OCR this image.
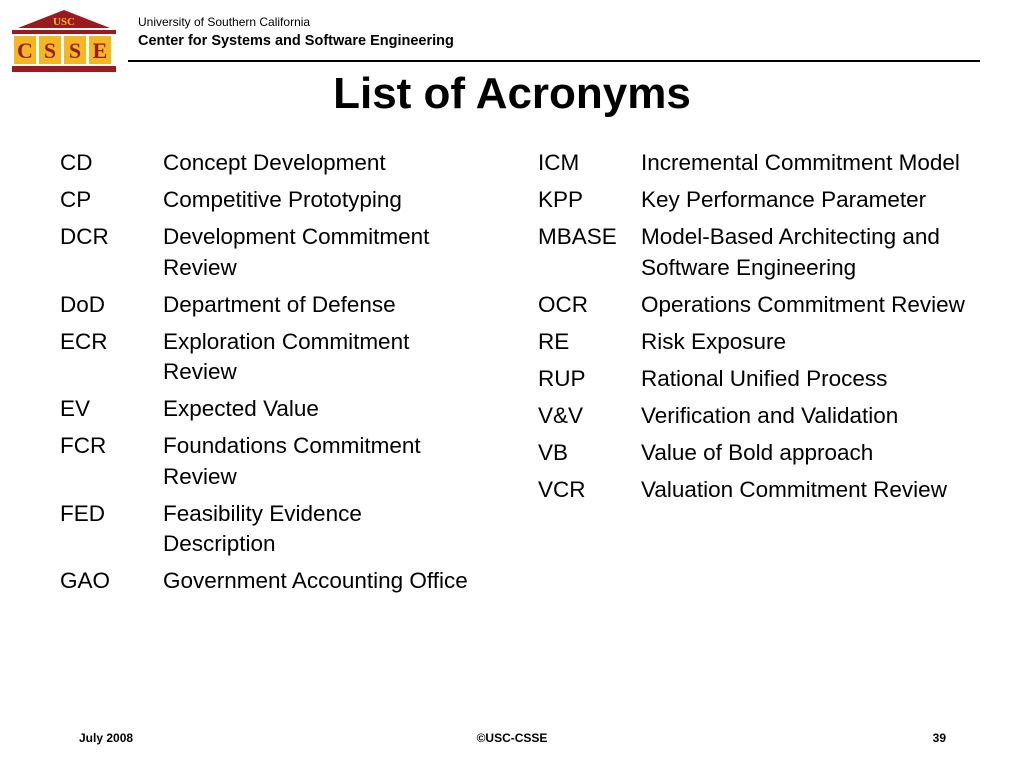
USC
C S S E
University of Southern California
Center for Systems and Software Engineering
List of Acronyms
CD	Concept Development
CP	Competitive Prototyping
DCR	Development Commitment Review
DoD	Department of Defense
ECR	Exploration Commitment Review
EV	Expected Value
FCR	Foundations Commitment Review
FED	Feasibility Evidence Description
GAO	Government Accounting Office
ICM	Incremental Commitment Model
KPP	Key Performance Parameter
MBASE	Model-Based Architecting and Software Engineering
OCR	Operations Commitment Review
RE	Risk Exposure
RUP	Rational Unified Process
V&V	Verification and Validation
VB	Value of Bold approach
VCR	Valuation Commitment Review
July 2008	©USC-CSSE	39
